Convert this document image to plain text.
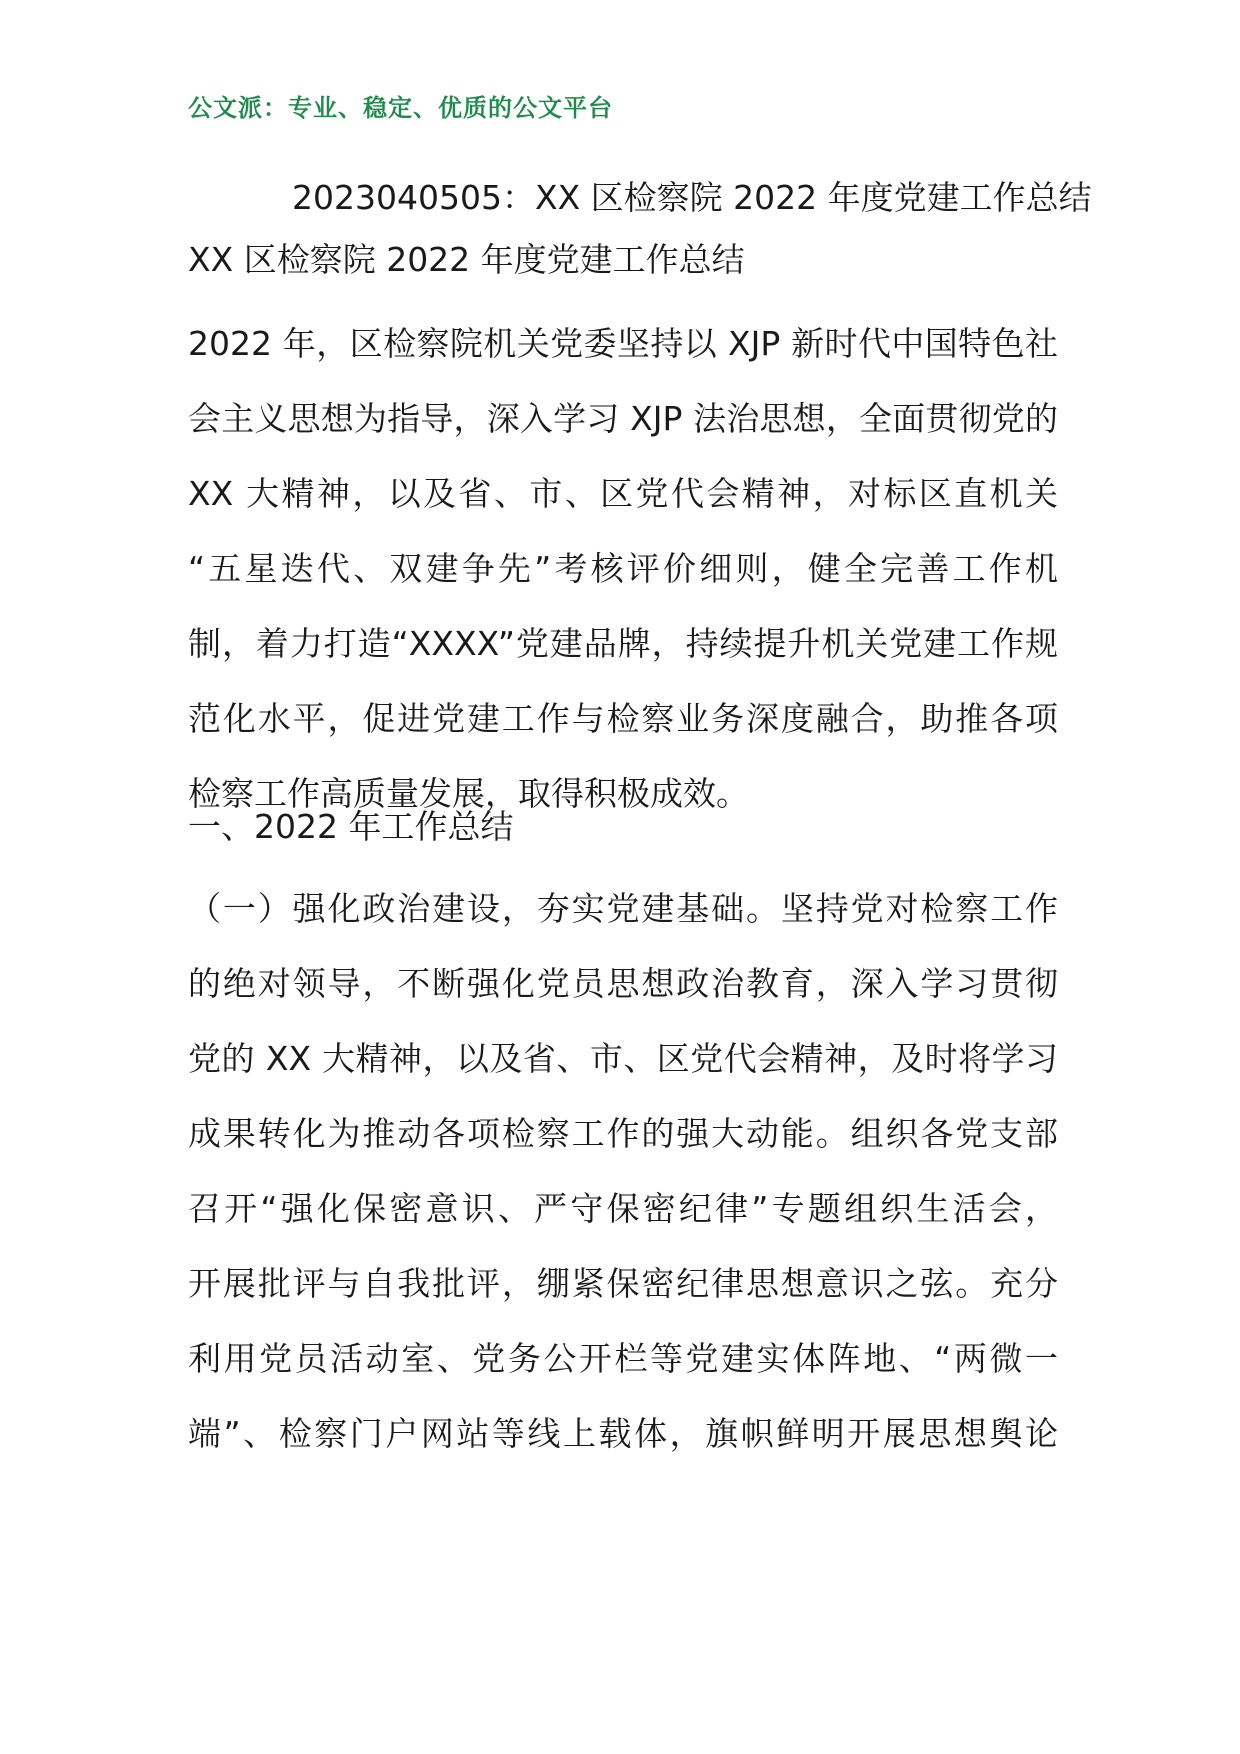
公文派：专业、稳定、优质的公文平台
2023040505：XX 区检察院 2022 年度党建工作总结
XX 区检察院 2022 年度党建工作总结
2022 年，区检察院机关党委坚持以 XJP 新时代中国特色社
会主义思想为指导，深入学习 XJP 法治思想，全面贯彻党的
XX 大精神，以及省、市、区党代会精神，对标区直机关
“五星迭代、双建争先”考核评价细则，健全完善工作机
制，着力打造“XXXX”党建品牌，持续提升机关党建工作规
范化水平，促进党建工作与检察业务深度融合，助推各项
检察工作高质量发展，取得积极成效。
一、2022 年工作总结
（一）强化政治建设，夯实党建基础。坚持党对检察工作
的绝对领导，不断强化党员思想政治教育，深入学习贯彻
党的 XX 大精神，以及省、市、区党代会精神，及时将学习
成果转化为推动各项检察工作的强大动能。组织各党支部
召开“强化保密意识、严守保密纪律”专题组织生活会，
开展批评与自我批评，绷紧保密纪律思想意识之弦。充分
利用党员活动室、党务公开栏等党建实体阵地、“两微一
端”、检察门户网站等线上载体，旗帜鲜明开展思想舆论
